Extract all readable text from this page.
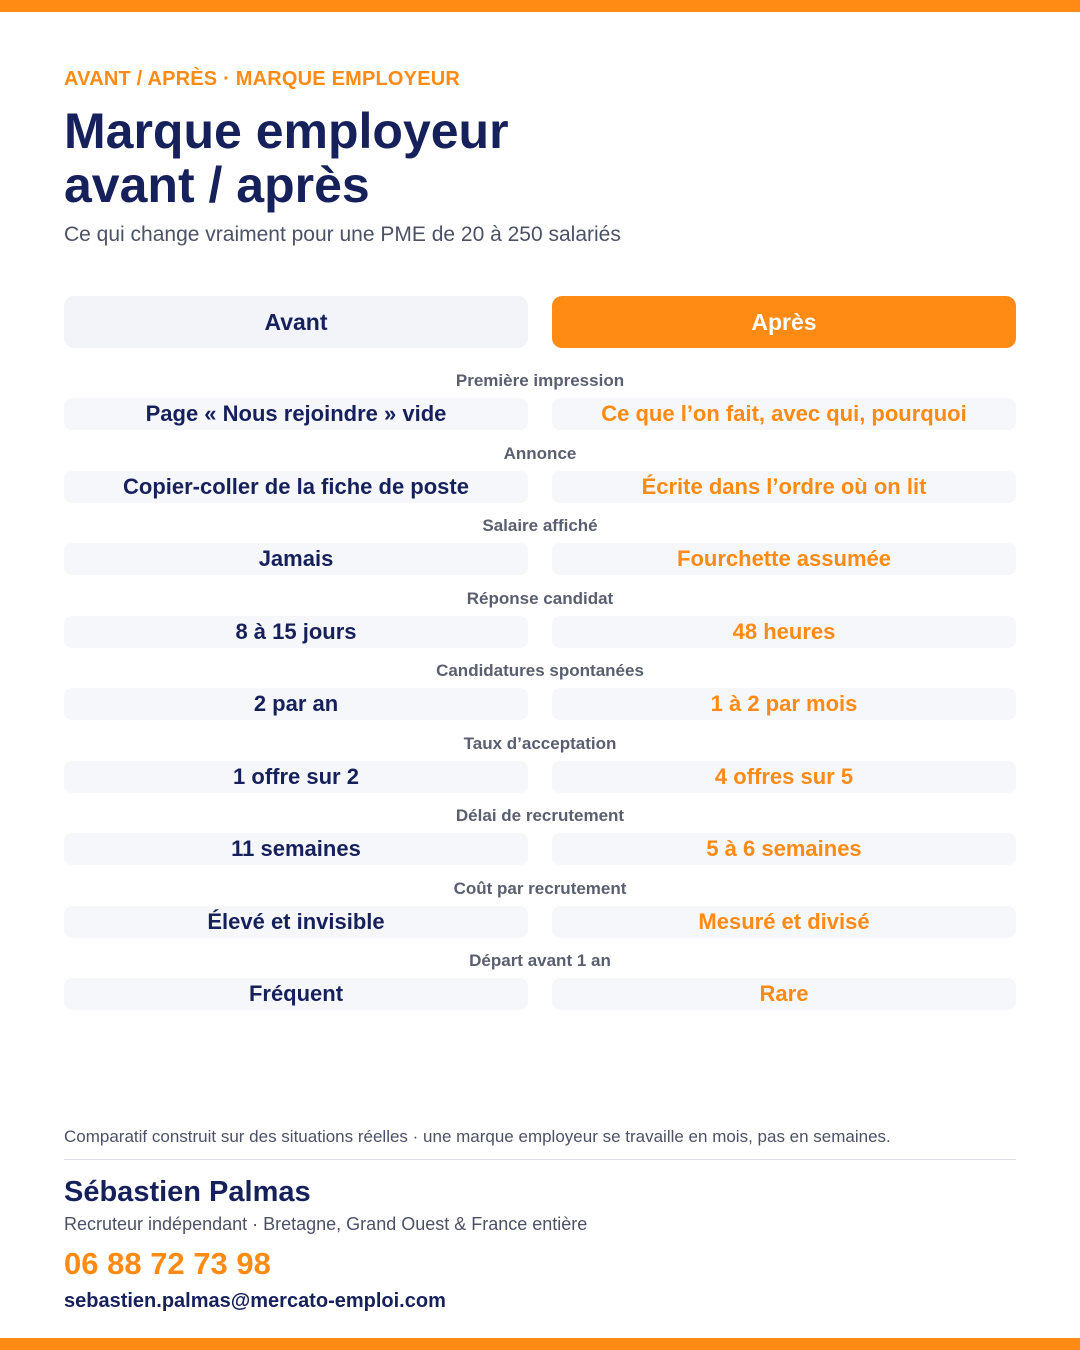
AVANT / APRÈS · MARQUE EMPLOYEUR
Marque employeur
avant / après
Ce qui change vraiment pour une PME de 20 à 250 salariés
Avant	Après
Première impression
Page « Nous rejoindre » vide	Ce que l’on fait, avec qui, pourquoi
Annonce
Copier-coller de la fiche de poste	Écrite dans l’ordre où on lit
Salaire affiché
Jamais	Fourchette assumée
Réponse candidat
8 à 15 jours	48 heures
Candidatures spontanées
2 par an	1 à 2 par mois
Taux d’acceptation
1 offre sur 2	4 offres sur 5
Délai de recrutement
11 semaines	5 à 6 semaines
Coût par recrutement
Élevé et invisible	Mesuré et divisé
Départ avant 1 an
Fréquent	Rare
Comparatif construit sur des situations réelles · une marque employeur se travaille en mois, pas en semaines.
Sébastien Palmas
Recruteur indépendant · Bretagne, Grand Ouest & France entière
06 88 72 73 98
sebastien.palmas@mercato-emploi.com
